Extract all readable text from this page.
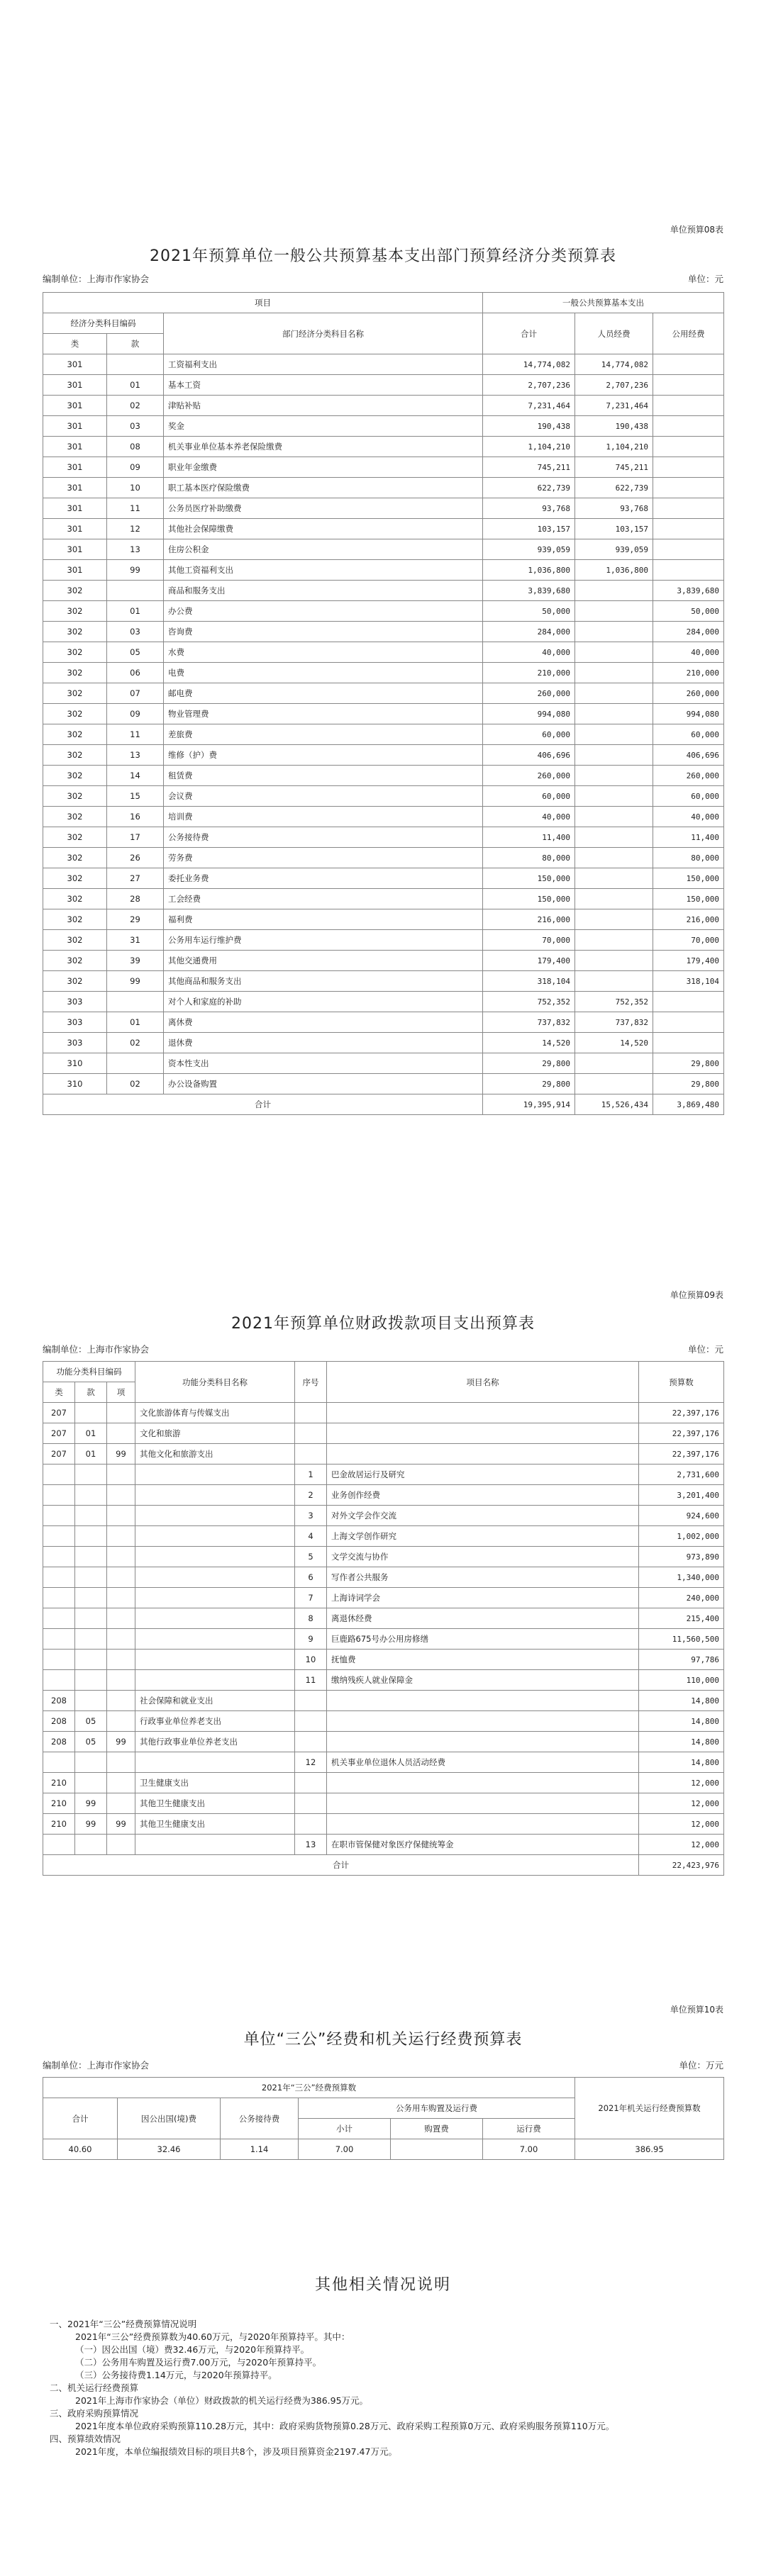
单位预算08表
2021年预算单位一般公共预算基本支出部门预算经济分类预算表
编制单位：上海市作家协会	单位：元
项目			一般公共预算基本支出		
经济分类科目编码		部门经济分类科目名称	合计	人员经费	公用经费
类	款				
301		工资福利支出	14,774,082	14,774,082	
301	01	基本工资	2,707,236	2,707,236	
301	02	津贴补贴	7,231,464	7,231,464	
301	03	奖金	190,438	190,438	
301	08	机关事业单位基本养老保险缴费	1,104,210	1,104,210	
301	09	职业年金缴费	745,211	745,211	
301	10	职工基本医疗保险缴费	622,739	622,739	
301	11	公务员医疗补助缴费	93,768	93,768	
301	12	其他社会保障缴费	103,157	103,157	
301	13	住房公积金	939,059	939,059	
301	99	其他工资福利支出	1,036,800	1,036,800	
302		商品和服务支出	3,839,680		3,839,680
302	01	办公费	50,000		50,000
302	03	咨询费	284,000		284,000
302	05	水费	40,000		40,000
302	06	电费	210,000		210,000
302	07	邮电费	260,000		260,000
302	09	物业管理费	994,080		994,080
302	11	差旅费	60,000		60,000
302	13	维修（护）费	406,696		406,696
302	14	租赁费	260,000		260,000
302	15	会议费	60,000		60,000
302	16	培训费	40,000		40,000
302	17	公务接待费	11,400		11,400
302	26	劳务费	80,000		80,000
302	27	委托业务费	150,000		150,000
302	28	工会经费	150,000		150,000
302	29	福利费	216,000		216,000
302	31	公务用车运行维护费	70,000		70,000
302	39	其他交通费用	179,400		179,400
302	99	其他商品和服务支出	318,104		318,104
303		对个人和家庭的补助	752,352	752,352	
303	01	离休费	737,832	737,832	
303	02	退休费	14,520	14,520	
310		资本性支出	29,800		29,800
310	02	办公设备购置	29,800		29,800
合计			19,395,914	15,526,434	3,869,480
单位预算09表
2021年预算单位财政拨款项目支出预算表
编制单位：上海市作家协会	单位：元
功能分类科目编码			功能分类科目名称	序号	项目名称	预算数
类	款	项				
207			文化旅游体育与传媒支出			22,397,176
207	01		文化和旅游			22,397,176
207	01	99	其他文化和旅游支出			22,397,176
				1	巴金故居运行及研究	2,731,600
				2	业务创作经费	3,201,400
				3	对外文学会作交流	924,600
				4	上海文学创作研究	1,002,000
				5	文学交流与协作	973,890
				6	写作者公共服务	1,340,000
				7	上海诗词学会	240,000
				8	离退休经费	215,400
				9	巨鹿路675号办公用房修缮	11,560,500
				10	抚恤费	97,786
				11	缴纳残疾人就业保障金	110,000
208			社会保障和就业支出			14,800
208	05		行政事业单位养老支出			14,800
208	05	99	其他行政事业单位养老支出			14,800
				12	机关事业单位退休人员活动经费	14,800
210			卫生健康支出			12,000
210	99		其他卫生健康支出			12,000
210	99	99	其他卫生健康支出			12,000
				13	在职市管保健对象医疗保健统筹金	12,000
合计						22,423,976
单位预算10表
单位“三公”经费和机关运行经费预算表
编制单位：上海市作家协会	单位：万元
2021年“三公”经费预算数						2021年机关运行经费预算数
合计	因公出国(境)费	公务接待费	公务用车购置及运行费			
			小计	购置费	运行费	
40.60	32.46	1.14	7.00		7.00	386.95
其他相关情况说明
一、2021年“三公”经费预算情况说明
2021年“三公”经费预算数为40.60万元，与2020年预算持平。其中：
（一）因公出国（境）费32.46万元，与2020年预算持平。
（二）公务用车购置及运行费7.00万元，与2020年预算持平。
（三）公务接待费1.14万元，与2020年预算持平。
二、机关运行经费预算
2021年上海市作家协会（单位）财政拨款的机关运行经费为386.95万元。
三、政府采购预算情况
2021年度本单位政府采购预算110.28万元，其中：政府采购货物预算0.28万元、政府采购工程预算0万元、政府采购服务预算110万元。
四、预算绩效情况
2021年度，本单位编报绩效目标的项目共8个，涉及项目预算资金2197.47万元。
